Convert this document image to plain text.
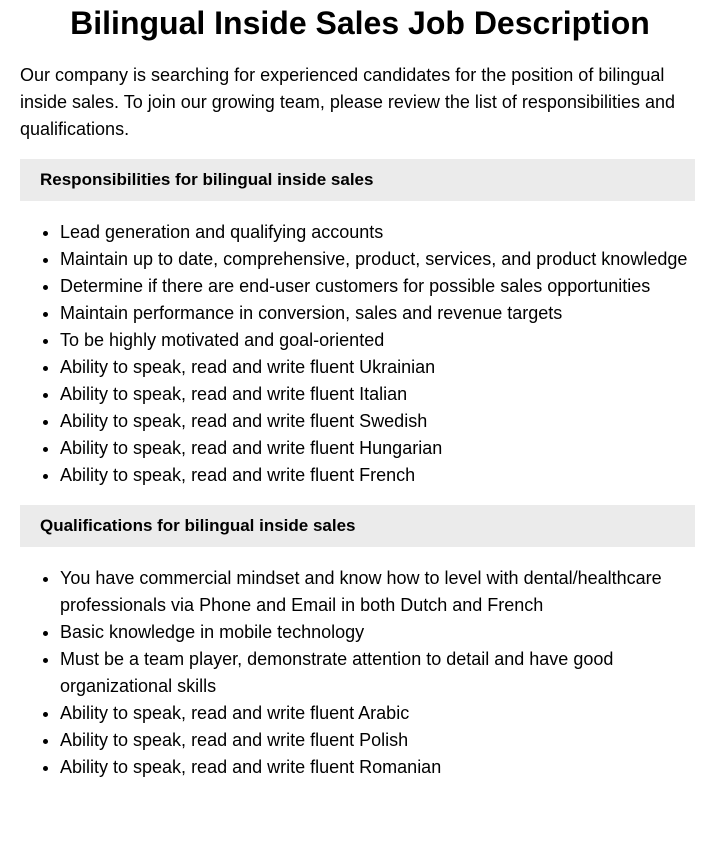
Bilingual Inside Sales Job Description

Our company is searching for experienced candidates for the position of bilingual inside sales. To join our growing team, please review the list of responsibilities and qualifications.

Responsibilities for bilingual inside sales
• Lead generation and qualifying accounts
• Maintain up to date, comprehensive, product, services, and product knowledge
• Determine if there are end-user customers for possible sales opportunities
• Maintain performance in conversion, sales and revenue targets
• To be highly motivated and goal-oriented
• Ability to speak, read and write fluent Ukrainian
• Ability to speak, read and write fluent Italian
• Ability to speak, read and write fluent Swedish
• Ability to speak, read and write fluent Hungarian
• Ability to speak, read and write fluent French
Qualifications for bilingual inside sales
• You have commercial mindset and know how to level with dental/healthcare professionals via Phone and Email in both Dutch and French
• Basic knowledge in mobile technology
• Must be a team player, demonstrate attention to detail and have good organizational skills
• Ability to speak, read and write fluent Arabic
• Ability to speak, read and write fluent Polish
• Ability to speak, read and write fluent Romanian
